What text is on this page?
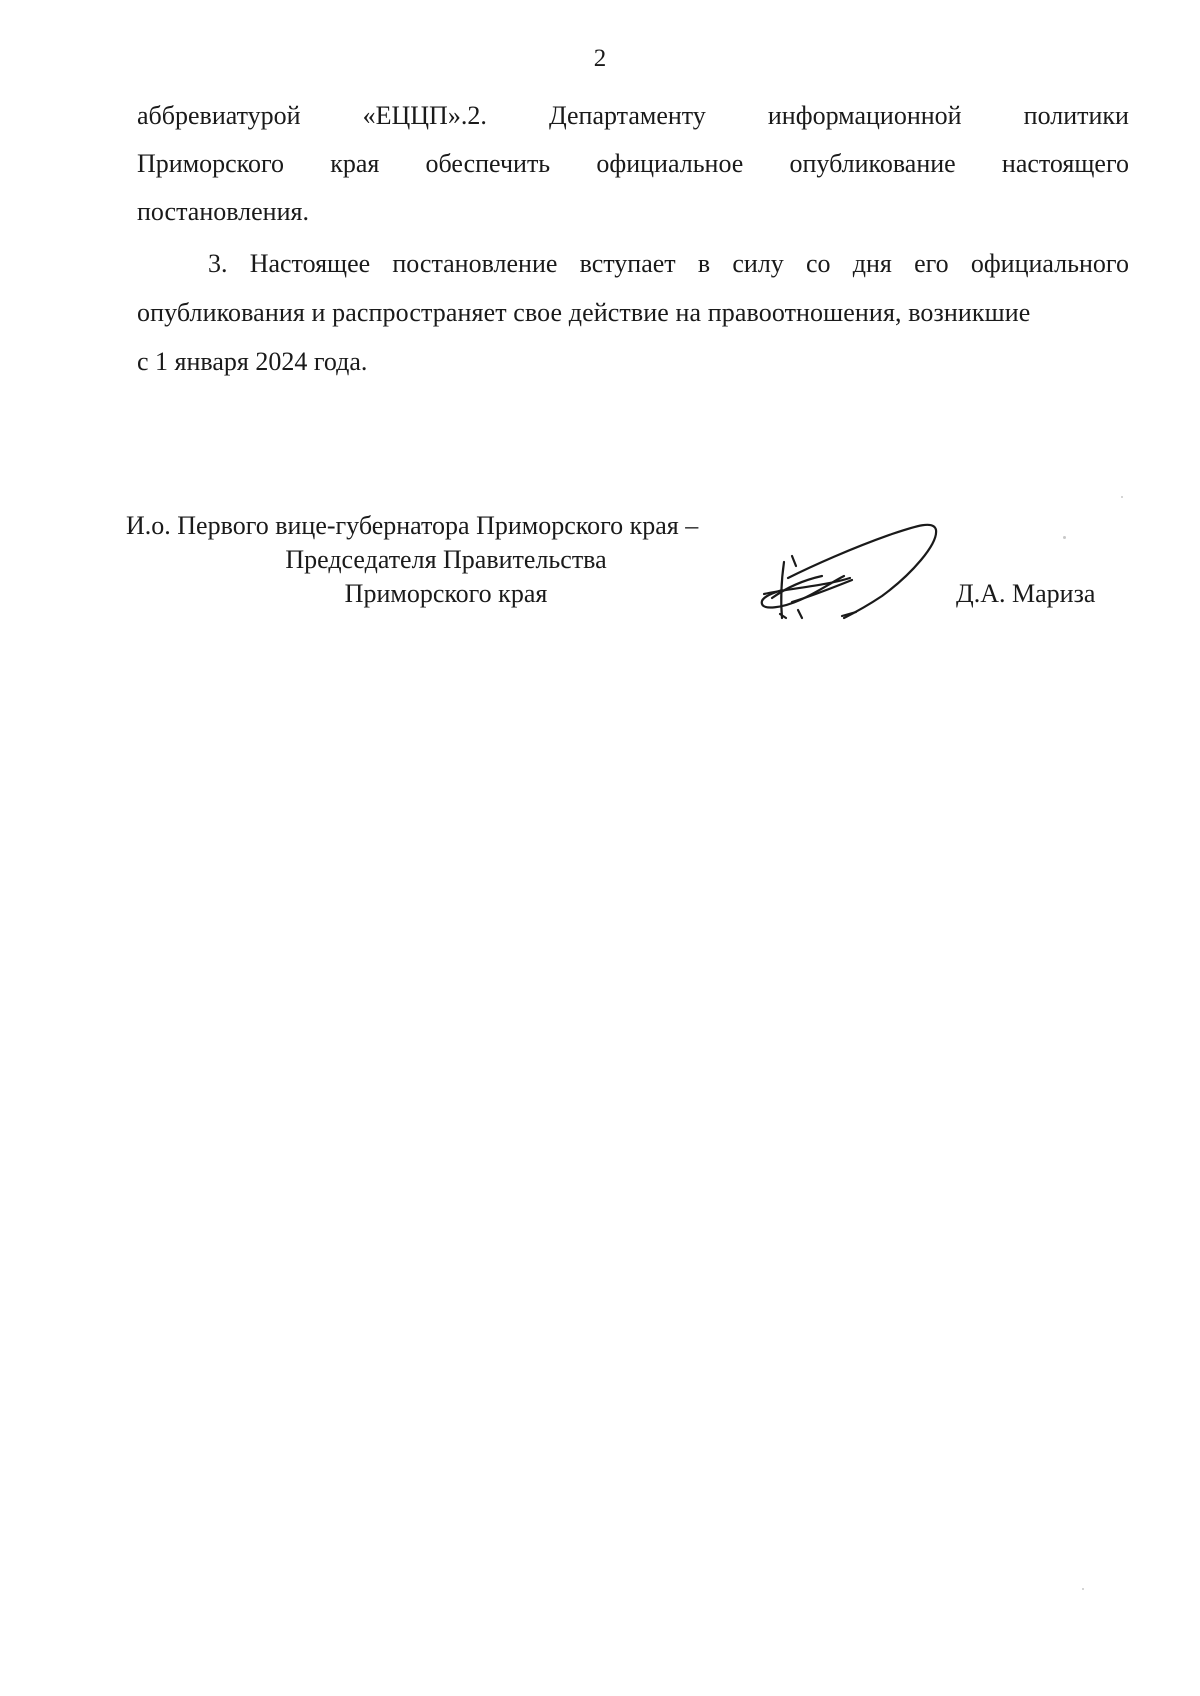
2
аббревиатурой «ЕЦЦП».2. Департаменту информационной политики
Приморского края обеспечить официальное опубликование настоящего
постановления.
3. Настоящее постановление вступает в силу со дня его официального
опубликования и распространяет свое действие на правоотношения, возникшие
с 1 января 2024 года.
И.о. Первого вице-губернатора Приморского края –
Председателя Правительства
Приморского края	Д.А. Мариза
